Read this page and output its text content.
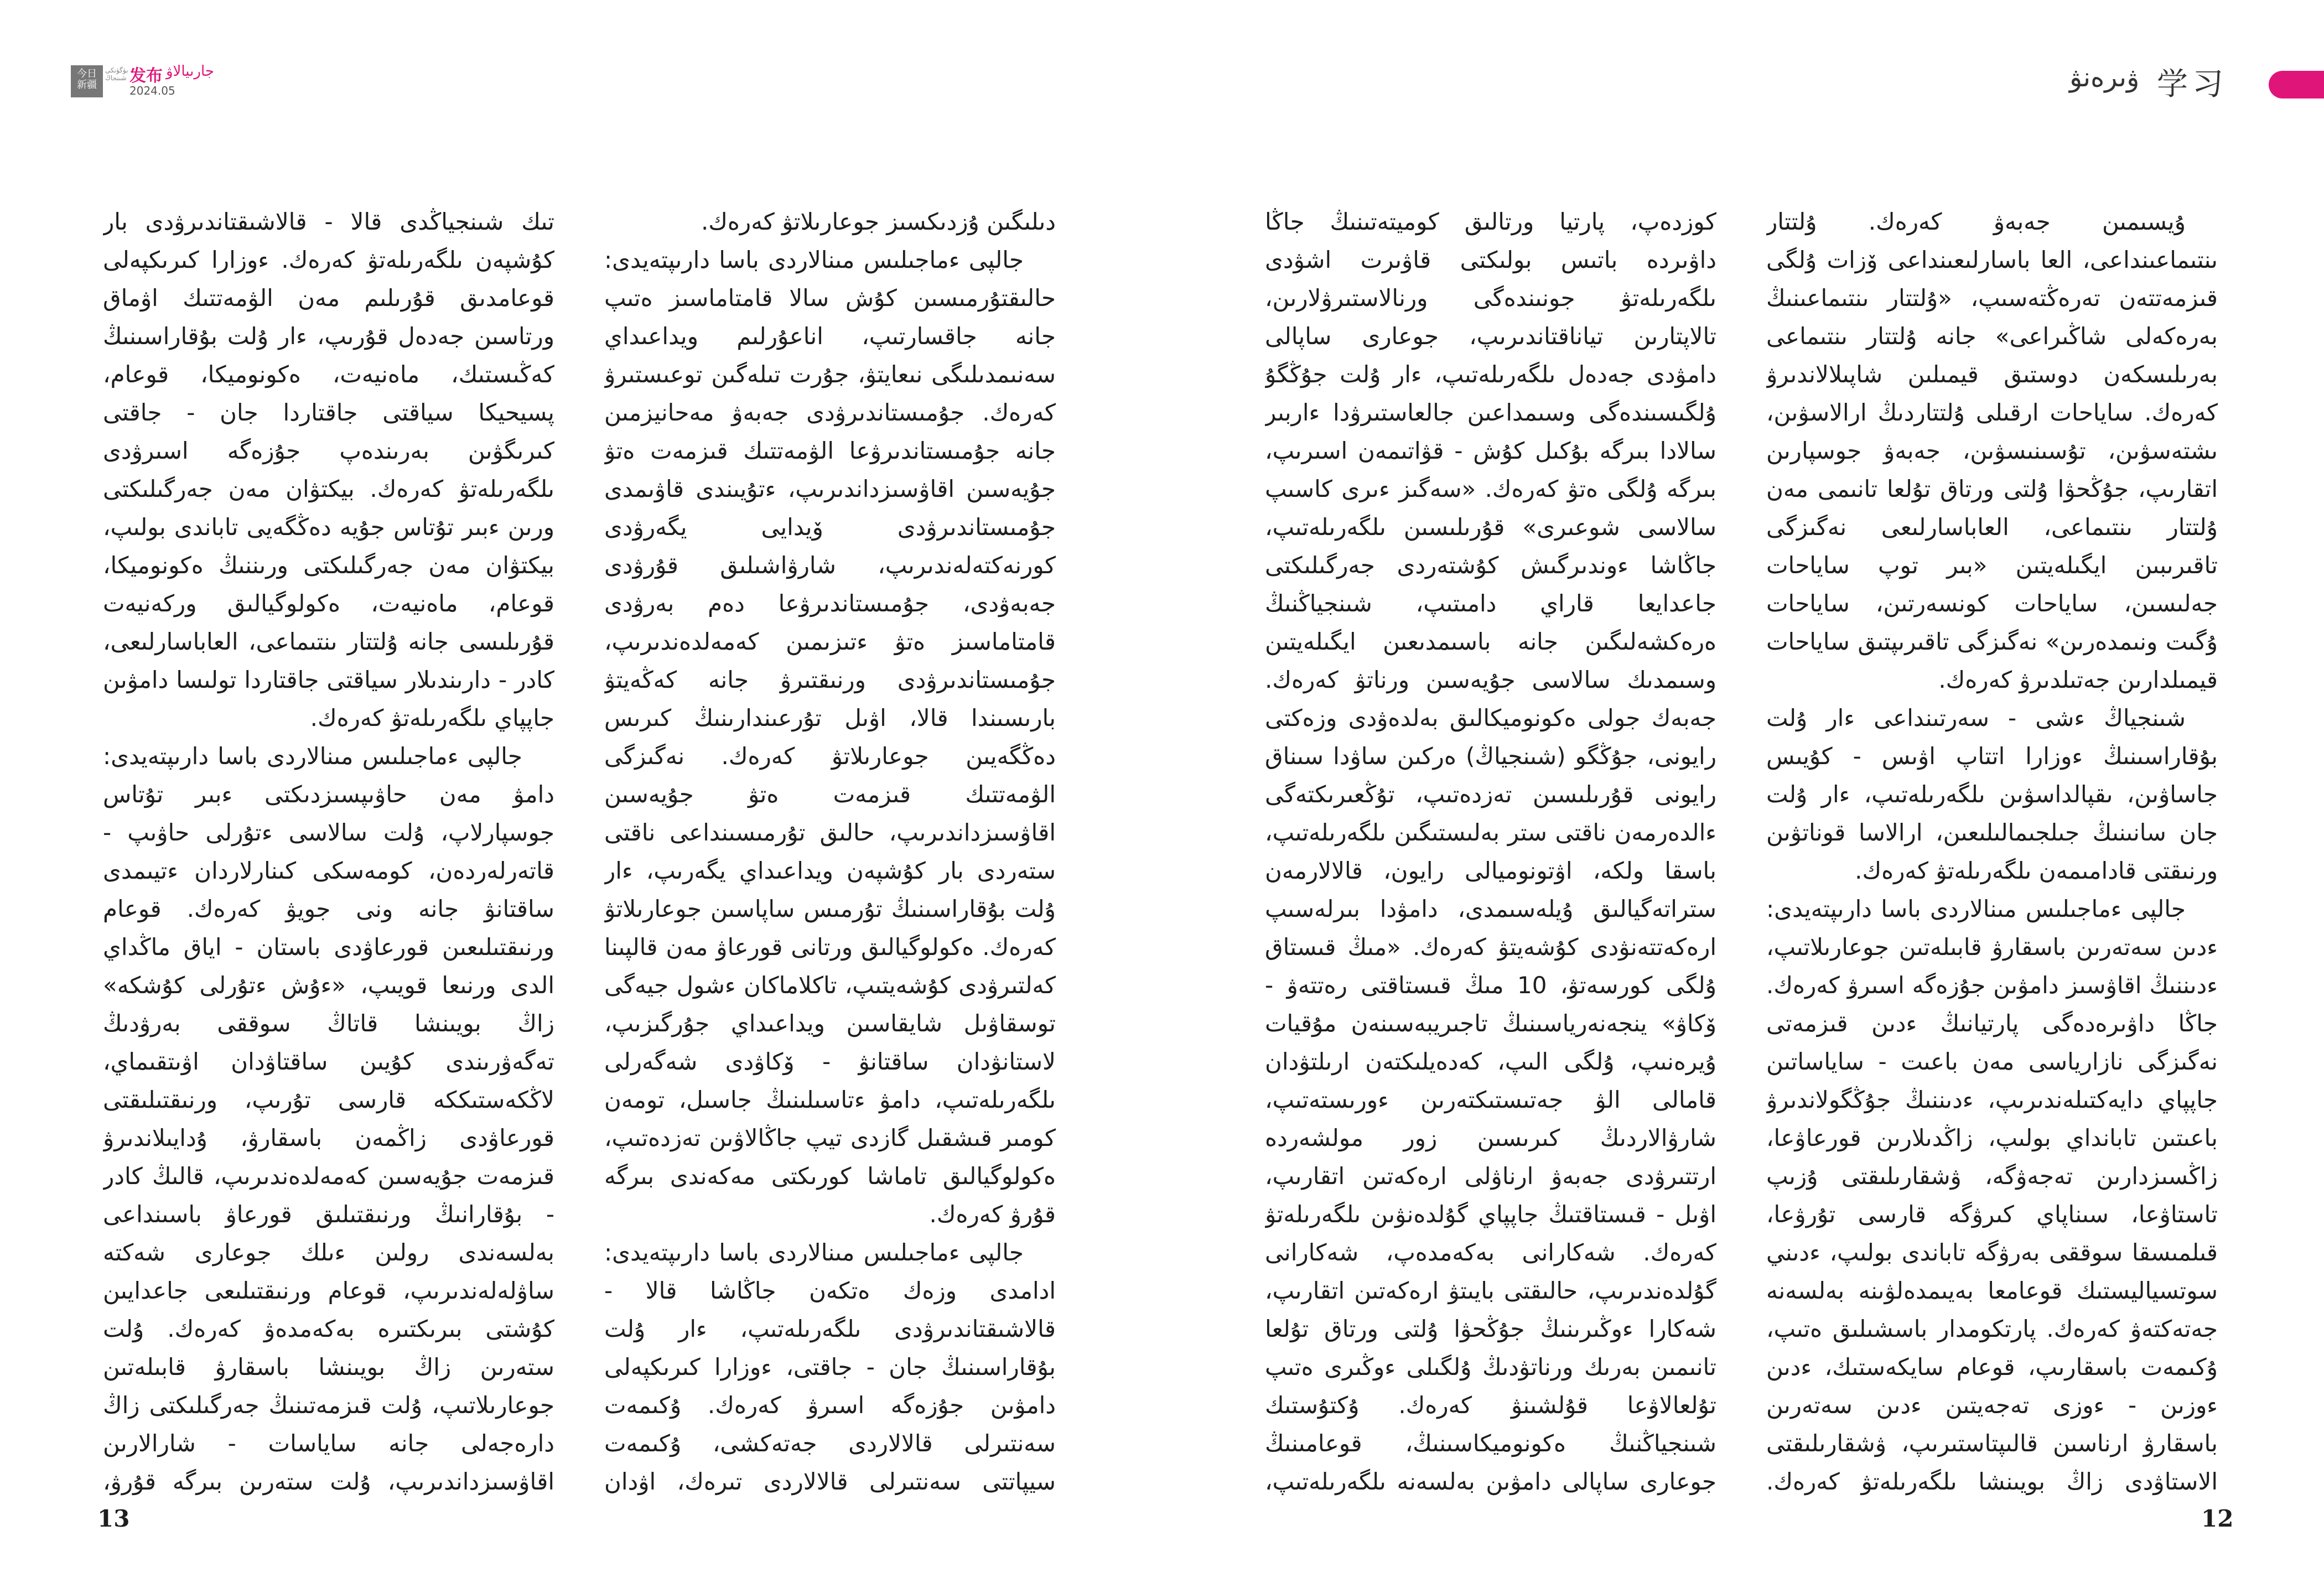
ۋىرەنۋ 学习

ۇيسىمىن جەبەۋ كەرەك. ۇلتتار ىنتىماعىنداعى، العا باسارلىعىنداعى ۆزات ۇلگى قىزمەتتەن تەرەڭتەسىپ، «ۇلتتار ىنتىماعىنىڭ بەرەكەلى شاڭىراعى» جانە ۇلتتار ىنتىماعى بەرىلىسكەن دوستىق قيمىلىن شاپىلالاندىرۋ كەرەك. ساياحات ارقىلى ۇلتتاردىڭ ارالاسۋىن، ىشتەسۋىن، تۇسىنىسۋىن، جەبەۋ جوسپارىن اتقارىپ، جۇڭحۋا ۇلتى ورتاق تۇلعا تانىمى مەن ۇلتتار ىنتىماعى، العاباسارلىعى نەگىزگى تاقىرىبىن ايگىلەيتىن «بىر توپ ساياحات جەلىسىن، ساياحات كونسەرتىن، ساياحات ۇگىت ونىمدەرىن» نەگىزگى تاقىرىپتىق ساياحات قيمىلدارىن جەتىلدىرۋ كەرەك.

شىنجياڭ ءشى - سەرتىنداعى ءار ۇلت بۇقاراسىنىڭ ءوزارا اتتاپ اۋىس - كۇيىس جاساۋىن، ىقپالداسۋىن ىلگەرىلەتىپ، ءار ۇلت جان سانىنىڭ جىلجىمالىلىعىن، ارالاسا قوناتۋىن ورنىقتى قادامىمەن ىلگەرىلەتۋ كەرەك.

جالپى ءماجىلىس مىنالاردى باسا دارىپتەيدى: ءدىن سەتەرىن باسقارۋ قابىلەتىن جوعارىلاتىپ، ءدىننىڭ اقاۋسىز دامۋىن جۇزەگە اسىرۋ كەرەك. جاڭا داۋىرەدەگى پارتيانىڭ ءدىن قىزمەتى نەگىزگى نازارياسى مەن باعىت - ساياساتىن جاپپاي دايەكتىلەندىرىپ، ءدىننىڭ جۇڭگولاندىرۋ باعىتىن تابانداي بولىپ، زاڭدىلارىن قورعاۋعا، زاڭسىزدارىن تەجەۋگە، ۋشقارىلىقتى ۇزىپ تاستاۋعا، سىناپاي كىرۋگە قارسى تۇرۋعا، قىلمىسقا سوققى بەرۋگە تاباندى بولىپ، ءدىني سوتسياليستىك قوعامعا بەيىمدەلۋىنە بەلسەنە جەتەكتەۋ كەرەك. پارتكومدار باسشىلىق ەتىپ، ۇكىمەت باسقارىپ، قوعام سايكەستىك، ءدىن ءوزىن - ءوزى تەجەيتىن ءدىن سەتەرىن باسقارۋ ارناسىن قالىپتاستىرىپ، ۋشقارىلىقتى الاستاۋدى زاڭ بويىنشا ىلگەرىلەتۋ كەرەك.

كوزدەپ، پارتيا ورتالىق كوميتەتىنىڭ جاڭا داۋىردە باتىس بولىكتى قاۋىرت اشۋدى ىلگەرىلەتۋ جونىندەگى ورنالاستىرۋلارىن، تالاپتارىن تياناقتاندىرىپ، جوعارى ساپالى دامۋدى جەدەل ىلگەرىلەتىپ، ءار ۇلت جۇڭگۇ ۇلگىسىندەگى وسىمداعىن جالعاستىرۋدا ءاربىر سالادا بىرگە بۇكىل كۇش - قۋاتىمەن اسىرىپ، بىرگە ۇلگى ەتۋ كەرەك. «سەگىز ءىرى كاسىپ سالاسى شوعىرى» قۇرىلىسىن ىلگەرىلەتىپ، جاڭاشا ءوندىرگىش كۇشتەردى جەرگىلىكتى جاعدايعا قاراي دامىتىپ، شىنجياڭنىڭ ەرەكشەلىگىن جانە باسىمدىعىن ايگىلەيتىن وسىمدىك سالاسى جۇيەسىن ورناتۋ كەرەك. جەبەك جولى ەكونوميكالىق بەلدەۋدى وزەكتى رايونى، جۇڭگو (شىنجياڭ) ەركىن ساۋدا سىناق رايونى قۇرىلىسىن تەزدەتىپ، تۇڭعىرىكتەگى ءالدەرمەن ناقتى ستر بەلىستىگىن ىلگەرىلەتىپ، باسقا ولكە، اۋتونوميالى رايون، قالالارمەن ستراتەگيالىق ۇيلەسىمدى، دامۋدا بىرلەسىپ ارەكەتتەنۋدى كۇشەيتۋ كەرەك. «مىڭ قىستاق ۇلگى كورسەتۋ، 10 مىڭ قىستاقتى رەتتەۋ - ۆكاۋ» ينجەنەرياسىنىڭ تاجىريبەسىنەن مۇقيات ۇيرەنىپ، ۇلگى الىپ، كەدەيلىكتەن ارىلتۋدان قامالى الۋ جەتىستىكتەرىن ءورىستەتىپ، شارۋالاردىڭ كىرىسىن زور مولشەردە ارتتىرۋدى جەبەۋ ارناۋلى ارەكەتىن اتقارىپ، اۋىل - قىستاقتىڭ جاپپاي گۇلدەنۋىن ىلگەرىلەتۋ كەرەك. شەكارانى بەكەمدەپ، شەكارانى گۇلدەندىرىپ، حالىقتى بايىتۋ ارەكەتىن اتقارىپ، شەكارا ءوڭىرىنىڭ جۇڭحۋا ۇلتى ورتاق تۇلعا تانىمىن بەرىك ورناتۋدىڭ ۇلگىلى ءوڭىرى ەتىپ تۇلعالاۋعا قۇلشىنۋ كەرەك. ۇكتۇستىك شىنجياڭنىڭ ەكونوميكاسىنىڭ، قوعامىنىڭ جوعارى ساپالى دامۋىن بەلسەنە ىلگەرىلەتىپ،

12
今日 新疆
بۈگۈنكى شىنجاڭ 发布 جارىيالاۋ
2024.05

دىلىگىن ۇزدىكسىز جوعارىلاتۋ كەرەك.

جالپى ءماجىلىس مىنالاردى باسا دارىپتەيدى: حالىقتۇرمىسىن كۇش سالا قامتاماسىز ەتىپ جانە جاقسارتىپ، اناعۇرلىم ويداعىداي سەنىمدىلىگى نىعايتۋ، جۇرت تىلەگىن توعىستىرۋ كەرەك. جۇمىستاندىرۋدى جەبەۋ مەحانيزمىن جانە جۇمىستاندىرۋعا الۋمەتتىك قىزمەت ەتۋ جۇيەسىن اقاۋسىزداندىرىپ، ءتۇيىندى قاۋىمدى جۇمىستاندىرۋدى ۆيدايى يگەرۋدى كورنەكتەلەندىرىپ، شارۋاشىلىق قۇرۋدى جەبەۋدى، جۇمىستاندىرۋعا دەم بەرۋدى قامتاماسىز ەتۋ ءتىزىمىن كەمەلدەندىرىپ، جۇمىستاندىرۋدى ورنىقتىرۋ جانە كەڭەيتۋ بارىسىندا قالا، اۋىل تۇرعىندارىنىڭ كىرىس دەڭگەيىن جوعارىلاتۋ كەرەك. نەگىزگى الۋمەتتىك قىزمەت ەتۋ جۇيەسىن اقاۋسىزداندىرىپ، حالىق تۇرمىسىنداعى ناقتى ستەردى بار كۇشپەن ويداعىداي يگەرىپ، ءار ۇلت بۇقاراسىنىڭ تۇرمىس ساپاسىن جوعارىلاتۋ كەرەك. ەكولوگيالىق ورتانى قورعاۋ مەن قالپىنا كەلتىرۋدى كۇشەيتىپ، تاكلاماكان ءشول جيەگى توسقاۋىل شايقاسىن ويداعىداي جۇرگىزىپ، لاستانۋدان ساقتانۋ - ۆكاۋدى شەگەرلى ىلگەرىلەتىپ، دامۋ ءتاسىلىنىڭ جاسىل، تومەن كومىر قىشقىل گازدى تيپ جاڭالاۋىن تەزدەتىپ، ەكولوگيالىق تاماشا كورىكتى مەكەندى بىرگە قۇرۋ كەرەك.

جالپى ءماجىلىس مىنالاردى باسا دارىپتەيدى: ادامدى وزەك ەتكەن جاڭاشا قالا - قالاشىقتاندىرۋدى ىلگەرىلەتىپ، ءار ۇلت بۇقاراسىنىڭ جان - جاقتى، ءوزارا كىرىكپەلى دامۋىن جۇزەگە اسىرۋ كەرەك. ۇكىمەت سەنتىرلى قالالاردى جەتەكشى، ۇكىمەت سيپاتتى سەنتىرلى قالالاردى تىرەك، اۋدان

تىك شىنجياڭدى قالا - قالاشىقتاندىرۋدى بار كۇشپەن ىلگەرىلەتۋ كەرەك. ءوزارا كىرىكپەلى قوعامدىق قۇرىلىم مەن الۋمەتتىك اۋماق ورتاسىن جەدەل قۇرىپ، ءار ۇلت بۇقاراسىنىڭ كەڭىستىك، ماەنيەت، ەكونوميكا، قوعام، پسيحيكا سياقتى جاقتاردا جان - جاقتى كىرىگۋىن بەرىندەپ جۇزەگە اسىرۋدى ىلگەرىلەتۋ كەرەك. بيكتۋان مەن جەرگىلىكتى ورىن ءبىر تۇتاس جۇيە دەڭگەيى تاباندى بولىپ، بيكتۋان مەن جەرگىلىكتى ورىننىڭ ەكونوميكا، قوعام، ماەنيەت، ەكولوگيالىق وركەنيەت قۇرىلىسى جانە ۇلتتار ىنتىماعى، العاباسارلىعى، كادر - دارىندىلار سياقتى جاقتاردا تولىسا دامۋىن جاپپاي ىلگەرىلەتۋ كەرەك.

جالپى ءماجىلىس مىنالاردى باسا دارىپتەيدى: دامۋ مەن حاۋىپسىزدىكتى ءبىر تۇتاس جوسپارلاپ، ۇلت سالاسى ءتۇرلى حاۋىپ - قاتەرلەردەن، كومەسكى كىنارلاردان ءتيىمدى ساقتانۋ جانە ونى جويۋ كەرەك. قوعام ورنىقتىلىعىن قورعاۋدى باستان - اياق ماڭداي الدى ورنىعا قويىپ، «ءۇش ءتۇرلى كۇشكە» زاڭ بويىنشا قاتاڭ سوققى بەرۋدىڭ تەگەۋرىندى كۇيىن ساقتاۋدان اۋىتقىماي، لاڭكەستىككە قارسى تۇرىپ، ورنىقتىلىقتى قورعاۋدى زاڭمەن باسقارۋ، ۇدايىلاندىرۋ قىزمەت جۇيەسىن كەمەلدەندىرىپ، قالىڭ كادر - بۇقارانىڭ ورنىقتىلىق قورعاۋ باسىنداعى بەلسەندى رولىن ءىلك جوعارى شەكتە ساۋلەلەندىرىپ، قوعام ورنىقتىلىعى جاعدايىن كۇشتى بىرىكتىرە بەكەمدەۋ كەرەك. ۇلت ستەرىن زاڭ بويىنشا باسقارۋ قابىلەتىن جوعارىلاتىپ، ۇلت قىزمەتىنىڭ جەرگىلىكتى زاڭ دارەجەلى جانە ساياسات - شارالارىن اقاۋسىزداندىرىپ، ۇلت ستەرىن بىرگە قۇرۋ،

13
